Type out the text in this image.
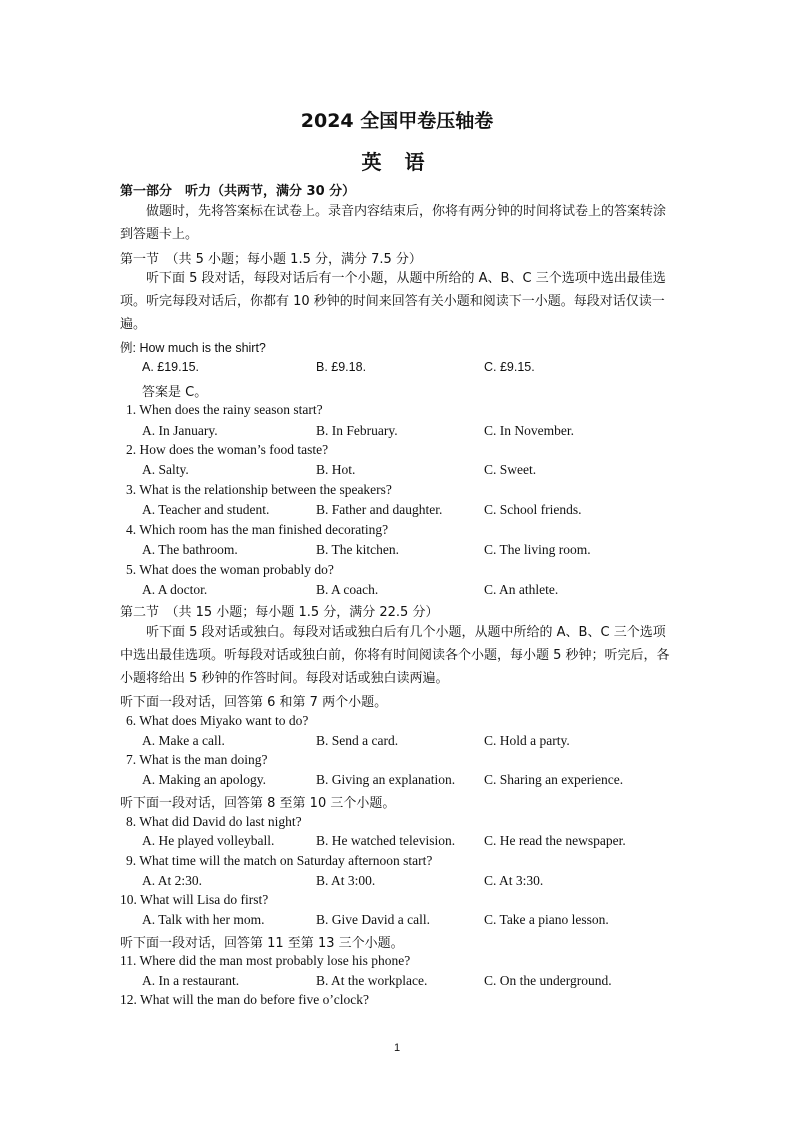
2024 全国甲卷压轴卷
英 语
第一部分　听力（共两节，满分 30 分）
做题时，先将答案标在试卷上。录音内容结束后，你将有两分钟的时间将试卷上的答案转涂到答题卡上。
第一节　（共 5 小题；每小题 1.5 分，满分 7.5 分）
听下面 5 段对话，每段对话后有一个小题，从题中所给的 A、B、C 三个选项中选出最佳选项。听完每段对话后，你都有 10 秒钟的时间来回答有关小题和阅读下一小题。每段对话仅读一遍。
例: How much is the shirt?
A. £19.15.	B. £9.18.	C. £9.15.
答案是 C。
1. When does the rainy season start?
A. In January.	B. In February.	C. In November.
2. How does the woman’s food taste?
A. Salty.	B. Hot.	C. Sweet.
3. What is the relationship between the speakers?
A. Teacher and student.	B. Father and daughter.	C. School friends.
4. Which room has the man finished decorating?
A. The bathroom.	B. The kitchen.	C. The living room.
5. What does the woman probably do?
A. A doctor.	B. A coach.	C. An athlete.
第二节　（共 15 小题；每小题 1.5 分，满分 22.5 分）
听下面 5 段对话或独白。每段对话或独白后有几个小题，从题中所给的 A、B、C 三个选项中选出最佳选项。听每段对话或独白前，你将有时间阅读各个小题，每小题 5 秒钟；听完后，各小题将给出 5 秒钟的作答时间。每段对话或独白读两遍。
听下面一段对话，回答第 6 和第 7 两个小题。
6. What does Miyako want to do?
A. Make a call.	B. Send a card.	C. Hold a party.
7. What is the man doing?
A. Making an apology.	B. Giving an explanation. C. Sharing an experience.
听下面一段对话，回答第 8 至第 10 三个小题。
8. What did David do last night?
A. He played volleyball.	B. He watched television. C. He read the newspaper.
9. What time will the match on Saturday afternoon start?
A. At 2:30.	B. At 3:00.	C. At 3:30.
10. What will Lisa do first?
A. Talk with her mom.	B. Give David a call.	C. Take a piano lesson.
听下面一段对话，回答第 11 至第 13 三个小题。
11. Where did the man most probably lose his phone?
A. In a restaurant.	B. At the workplace.	C. On the underground.
12. What will the man do before five o’clock?
1
